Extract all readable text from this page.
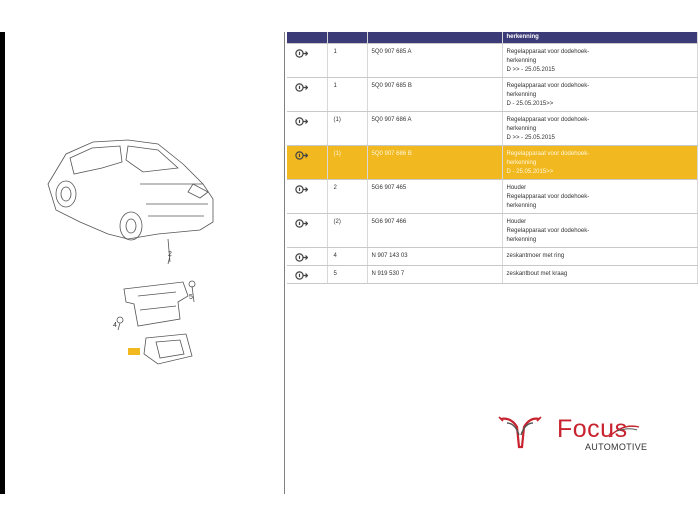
2
5
4
			herkenning

	1	5Q0 907 685 A	Regelapparaat voor dodehoek-
herkenning
D >> - 25.05.2015

	1	5Q0 907 685 B	Regelapparaat voor dodehoek-
herkenning
D - 25.05.2015>>

	(1)	5Q0 907 686 A	Regelapparaat voor dodehoek-
herkenning
D >> - 25.05.2015

	(1)	5Q0 907 686 B	Regelapparaat voor dodehoek-
herkenning
D - 25.05.2015>>

	2	5G6 907 465	Houder
Regelapparaat voor dodehoek-
herkenning

	(2)	5G6 907 466	Houder
Regelapparaat voor dodehoek-
herkenning

	4	N 907 143 03	zeskantmoer met ring

	5	N 919 530 7	zeskantbout met kraag
Focus
AUTOMOTIVE
